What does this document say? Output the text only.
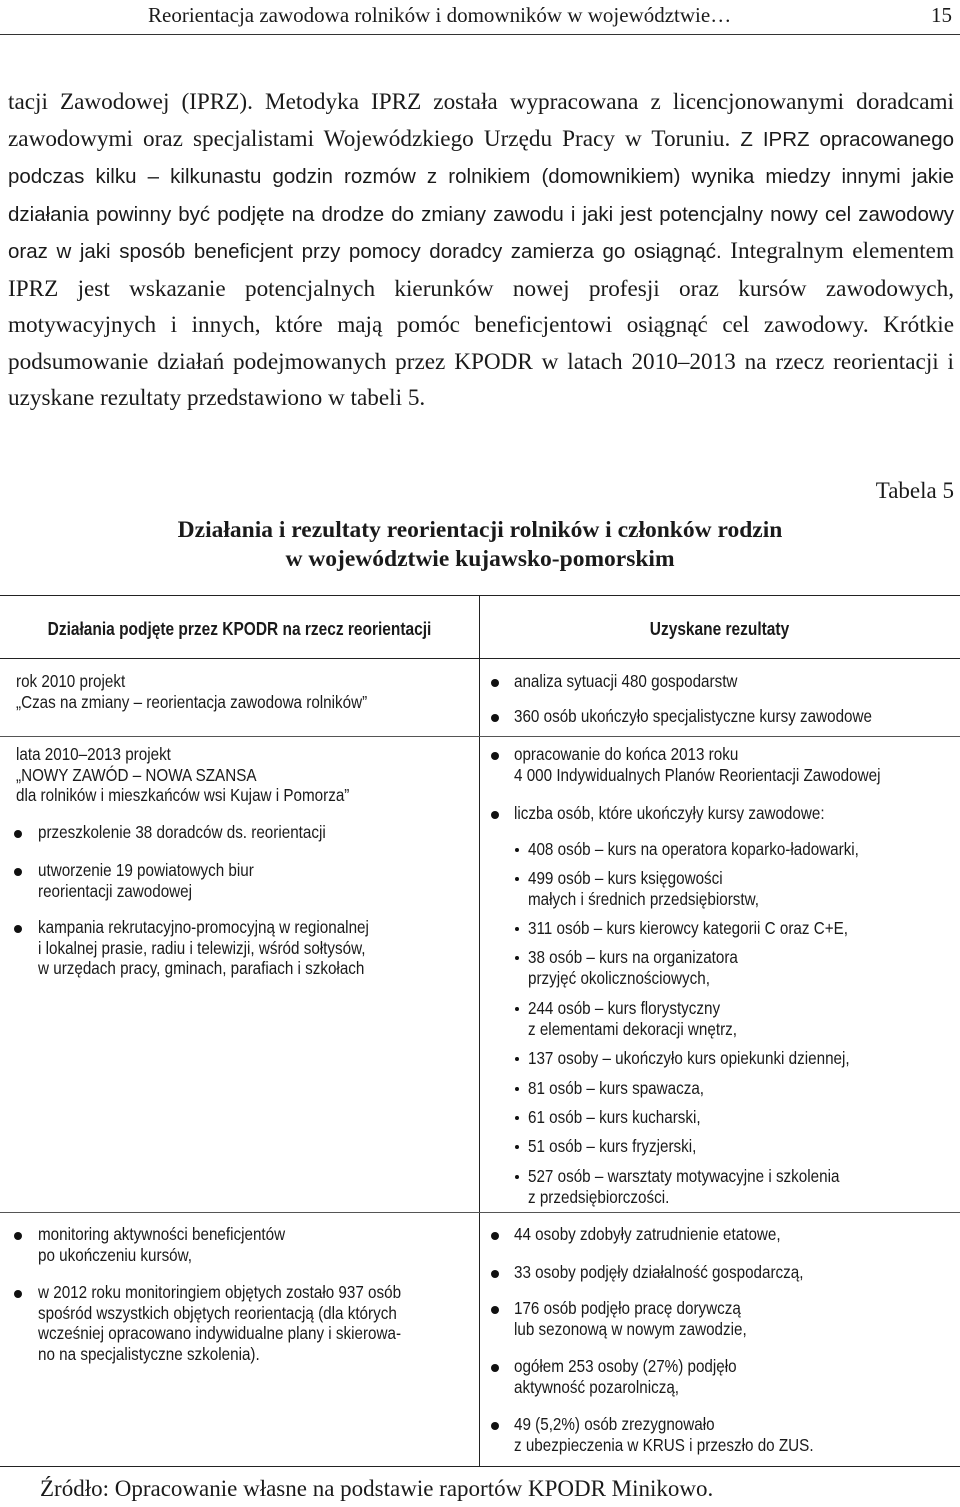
Reorientacja zawodowa rolników i domowników w województwie…	15

tacji Zawodowej (IPRZ). Metodyka IPRZ została wypracowana z licencjonowanymi doradcami zawodowymi oraz specjalistami Wojewódzkiego Urzędu Pracy w Toruniu. Z IPRZ opracowanego podczas kilku – kilkunastu godzin rozmów z rolnikiem (domownikiem) wynika miedzy innymi jakie działania powinny być podjęte na drodze do zmiany zawodu i jaki jest potencjalny nowy cel zawodowy oraz w jaki sposób beneficjent przy pomocy doradcy zamierza go osiągnąć. Integralnym elementem IPRZ jest wskazanie potencjalnych kierunków nowej profesji oraz kursów zawodowych, motywacyjnych i innych, które mają pomóc beneficjentowi osiągnąć cel zawodowy. Krótkie podsumowanie działań podejmowanych przez KPODR w latach 2010–2013 na rzecz reorientacji i uzyskane rezultaty przedstawiono w tabeli 5.

Tabela 5
Działania i rezultaty reorientacji rolników i członków rodzin
w województwie kujawsko-pomorskim
Działania podjęte przez KPODR na rzecz reorientacji	Uzyskane rezultaty
rok 2010 projekt
„Czas na zmiany – reorientacja zawodowa rolników”
analiza sytuacji 480 gospodarstw
360 osób ukończyło specjalistyczne kursy zawodowe
lata 2010–2013 projekt
„NOWY ZAWÓD – NOWA SZANSA
dla rolników i mieszkańców wsi Kujaw i Pomorza”
przeszkolenie 38 doradców ds. reorientacji
utworzenie 19 powiatowych biur
reorientacji zawodowej
kampania rekrutacyjno-promocyjną w regionalnej
i lokalnej prasie, radiu i telewizji, wśród sołtysów,
w urzędach pracy, gminach, parafiach i szkołach
opracowanie do końca 2013 roku
4 000 Indywidualnych Planów Reorientacji Zawodowej
liczba osób, które ukończyły kursy zawodowe:
408 osób – kurs na operatora koparko-ładowarki,
499 osób – kurs księgowości
małych i średnich przedsiębiorstw,
311 osób – kurs kierowcy kategorii C oraz C+E,
38 osób – kurs na organizatora
przyjęć okolicznościowych,
244 osób – kurs florystyczny
z elementami dekoracji wnętrz,
137 osoby – ukończyło kurs opiekunki dziennej,
81 osób – kurs spawacza,
61 osób – kurs kucharski,
51 osób – kurs fryzjerski,
527 osób – warsztaty motywacyjne i szkolenia
z przedsiębiorczości.
monitoring aktywności beneficjentów
po ukończeniu kursów,
w 2012 roku monitoringiem objętych zostało 937 osób
spośród wszystkich objętych reorientacją (dla których
wcześniej opracowano indywidualne plany i skierowa-
no na specjalistyczne szkolenia).
44 osoby zdobyły zatrudnienie etatowe,
33 osoby podjęły działalność gospodarczą,
176 osób podjęło pracę dorywczą
lub sezonową w nowym zawodzie,
ogółem 253 osoby (27%) podjęło
aktywność pozarolniczą,
49 (5,2%) osób zrezygnowało
z ubezpieczenia w KRUS i przeszło do ZUS.
Źródło: Opracowanie własne na podstawie raportów KPODR Minikowo.
